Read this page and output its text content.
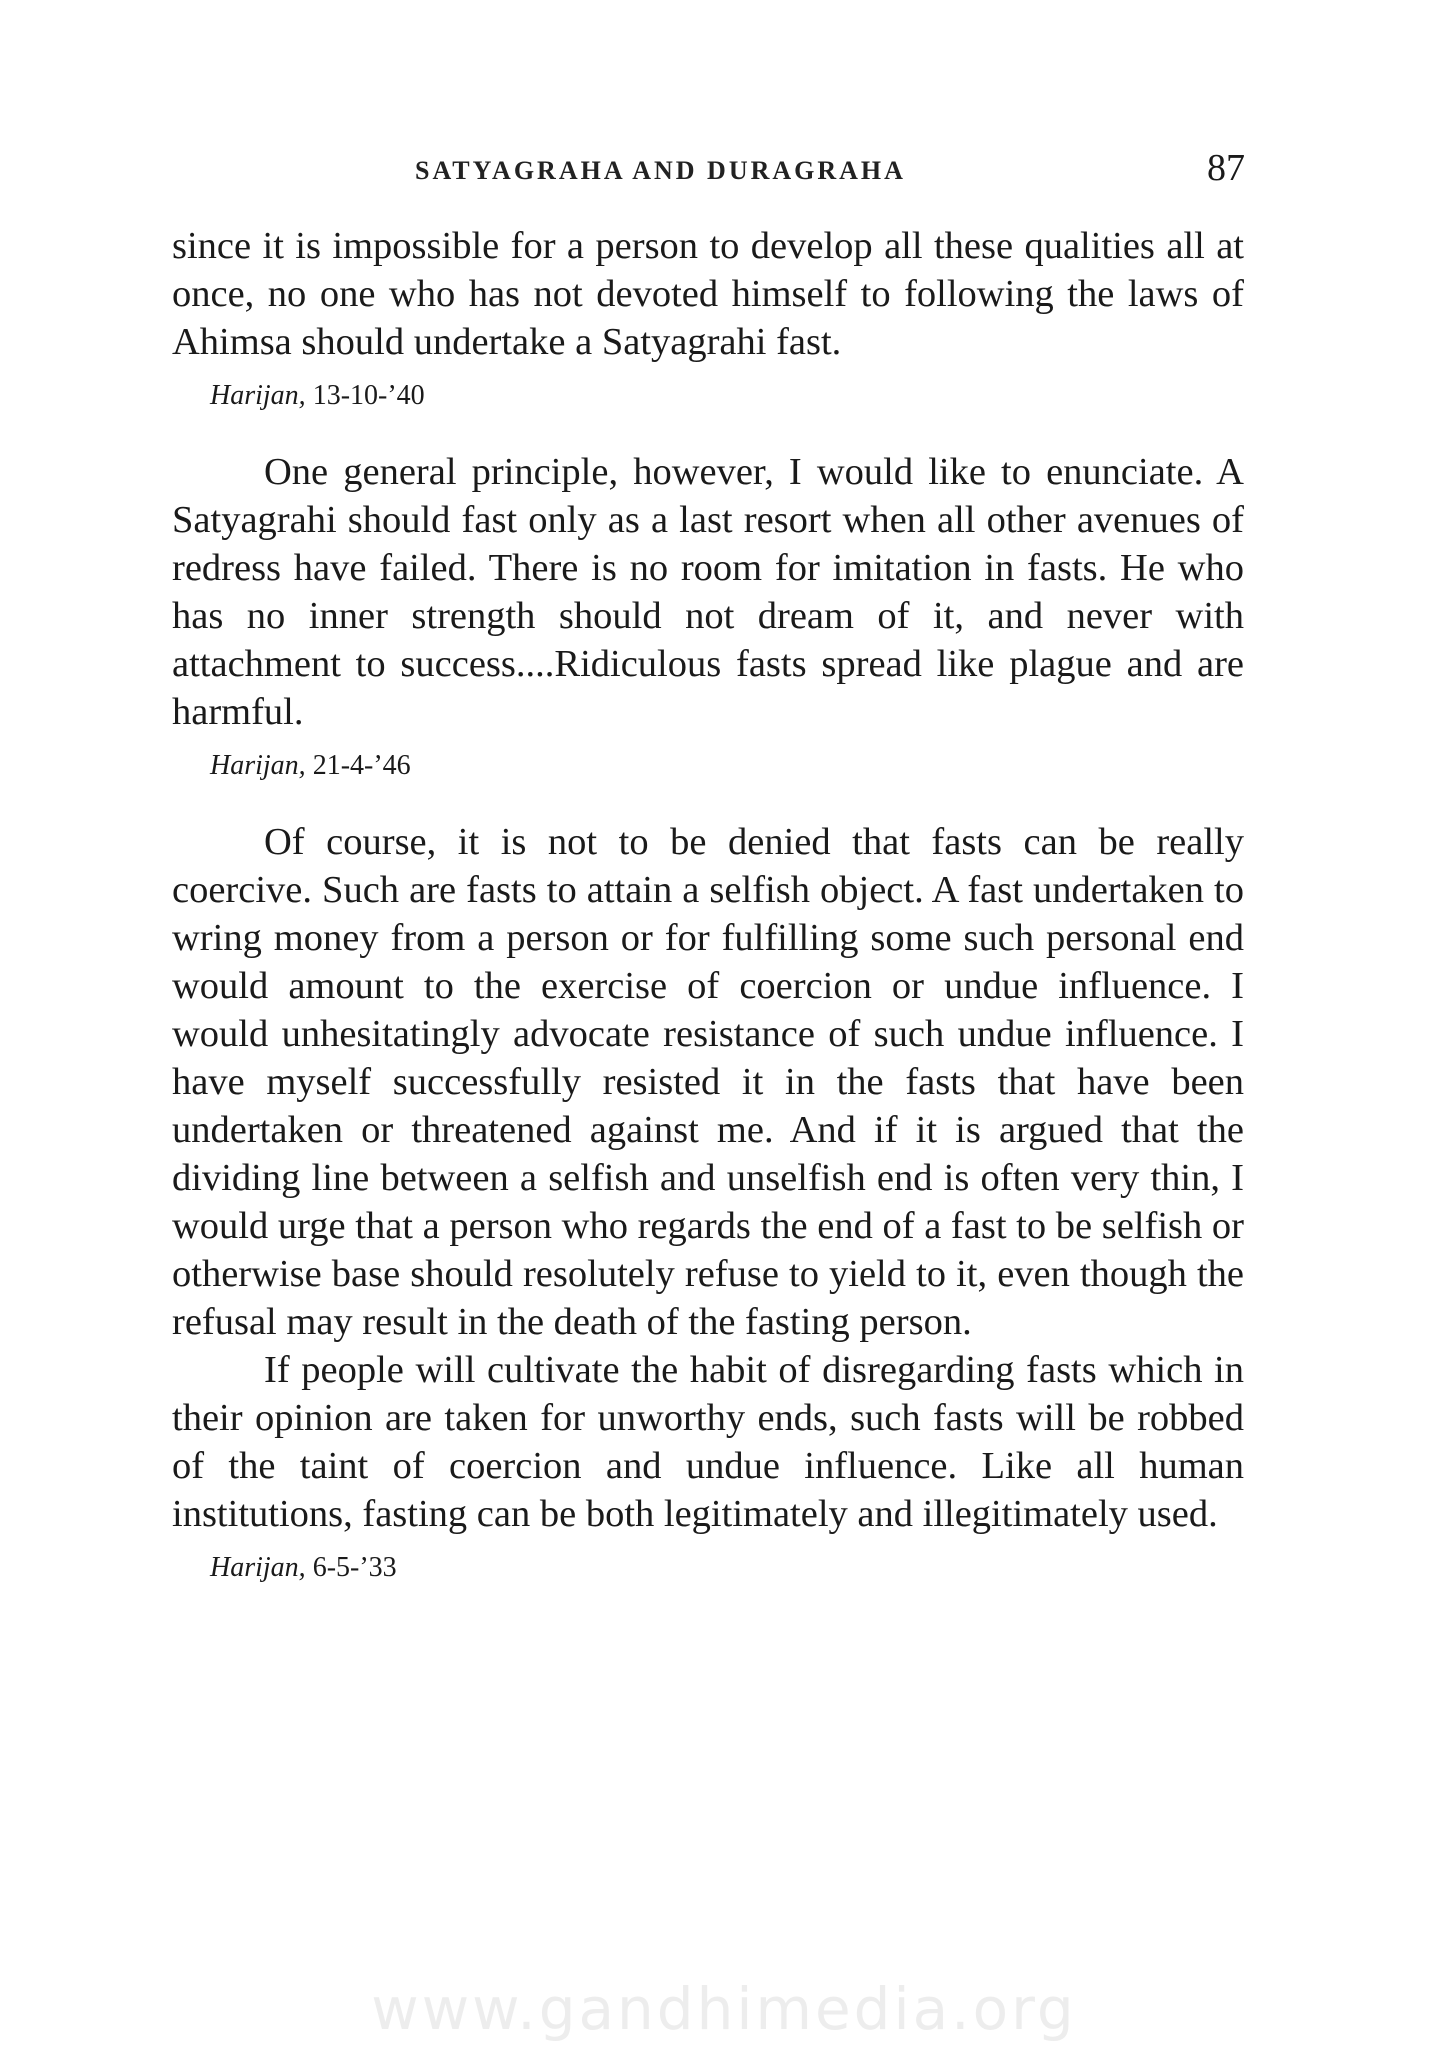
SATYAGRAHA AND DURAGRAHA	87

since it is impossible for a person to develop all these qualities all at once, no one who has not devoted himself to following the laws of Ahimsa should undertake a Satyagrahi fast.

Harijan, 13-10-’40

One general principle, however, I would like to enunciate. A Satyagrahi should fast only as a last resort when all other avenues of redress have failed. There is no room for imitation in fasts. He who has no inner strength should not dream of it, and never with attachment to success....Ridiculous fasts spread like plague and are harmful.

Harijan, 21-4-’46

Of course, it is not to be denied that fasts can be really coercive. Such are fasts to attain a selfish object. A fast undertaken to wring money from a person or for fulfilling some such personal end would amount to the exercise of coercion or undue influence. I would unhesitatingly advocate resistance of such undue influence. I have myself successfully resisted it in the fasts that have been undertaken or threatened against me. And if it is argued that the dividing line between a selfish and unselfish end is often very thin, I would urge that a person who regards the end of a fast to be selfish or otherwise base should resolutely refuse to yield to it, even though the refusal may result in the death of the fasting person.

If people will cultivate the habit of disregarding fasts which in their opinion are taken for unworthy ends, such fasts will be robbed of the taint of coercion and undue influence. Like all human institutions, fasting can be both legitimately and illegitimately used.

Harijan, 6-5-’33
www.gandhimedia.org
